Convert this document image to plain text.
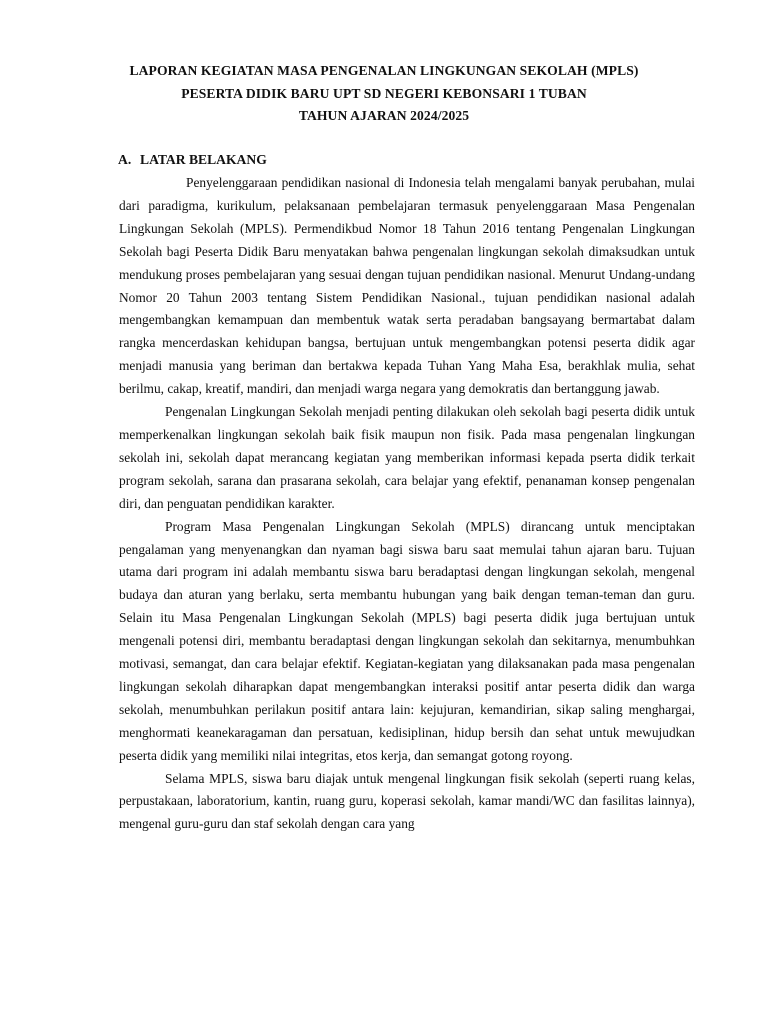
LAPORAN KEGIATAN MASA PENGENALAN LINGKUNGAN SEKOLAH (MPLS)
PESERTA DIDIK BARU UPT SD NEGERI KEBONSARI 1 TUBAN
TAHUN AJARAN 2024/2025
A. LATAR BELAKANG

Penyelenggaraan pendidikan nasional di Indonesia telah mengalami banyak perubahan, mulai dari paradigma, kurikulum, pelaksanaan pembelajaran termasuk penyelenggaraan Masa Pengenalan Lingkungan Sekolah (MPLS). Permendikbud Nomor 18 Tahun 2016 tentang Pengenalan Lingkungan Sekolah bagi Peserta Didik Baru menyatakan bahwa pengenalan lingkungan sekolah dimaksudkan untuk mendukung proses pembelajaran yang sesuai dengan tujuan pendidikan nasional. Menurut Undang-undang Nomor 20 Tahun 2003 tentang Sistem Pendidikan Nasional., tujuan pendidikan nasional adalah mengembangkan kemampuan dan membentuk watak serta peradaban bangsayang bermartabat dalam rangka mencerdaskan kehidupan bangsa, bertujuan untuk mengembangkan potensi peserta didik agar menjadi manusia yang beriman dan bertakwa kepada Tuhan Yang Maha Esa, berakhlak mulia, sehat berilmu, cakap, kreatif, mandiri, dan menjadi warga negara yang demokratis dan bertanggung jawab.

Pengenalan Lingkungan Sekolah menjadi penting dilakukan oleh sekolah bagi peserta didik untuk memperkenalkan lingkungan sekolah baik fisik maupun non fisik. Pada masa pengenalan lingkungan sekolah ini, sekolah dapat merancang kegiatan yang memberikan informasi kepada pserta didik terkait program sekolah, sarana dan prasarana sekolah, cara belajar yang efektif, penanaman konsep pengenalan diri, dan penguatan pendidikan karakter.

Program Masa Pengenalan Lingkungan Sekolah (MPLS) dirancang untuk menciptakan pengalaman yang menyenangkan dan nyaman bagi siswa baru saat memulai tahun ajaran baru. Tujuan utama dari program ini adalah membantu siswa baru beradaptasi dengan lingkungan sekolah, mengenal budaya dan aturan yang berlaku, serta membantu hubungan yang baik dengan teman-teman dan guru. Selain itu Masa Pengenalan Lingkungan Sekolah (MPLS) bagi peserta didik juga bertujuan untuk mengenali potensi diri, membantu beradaptasi dengan lingkungan sekolah dan sekitarnya, menumbuhkan motivasi, semangat, dan cara belajar efektif. Kegiatan-kegiatan yang dilaksanakan pada masa pengenalan lingkungan sekolah diharapkan dapat mengembangkan interaksi positif antar peserta didik dan warga sekolah, menumbuhkan perilakun positif antara lain: kejujuran, kemandirian, sikap saling menghargai, menghormati keanekaragaman dan persatuan, kedisiplinan, hidup bersih dan sehat untuk mewujudkan peserta didik yang memiliki nilai integritas, etos kerja, dan semangat gotong royong.

Selama MPLS, siswa baru diajak untuk mengenal lingkungan fisik sekolah (seperti ruang kelas, perpustakaan, laboratorium, kantin, ruang guru, koperasi sekolah, kamar mandi/WC dan fasilitas lainnya), mengenal guru-guru dan staf sekolah dengan cara yang
